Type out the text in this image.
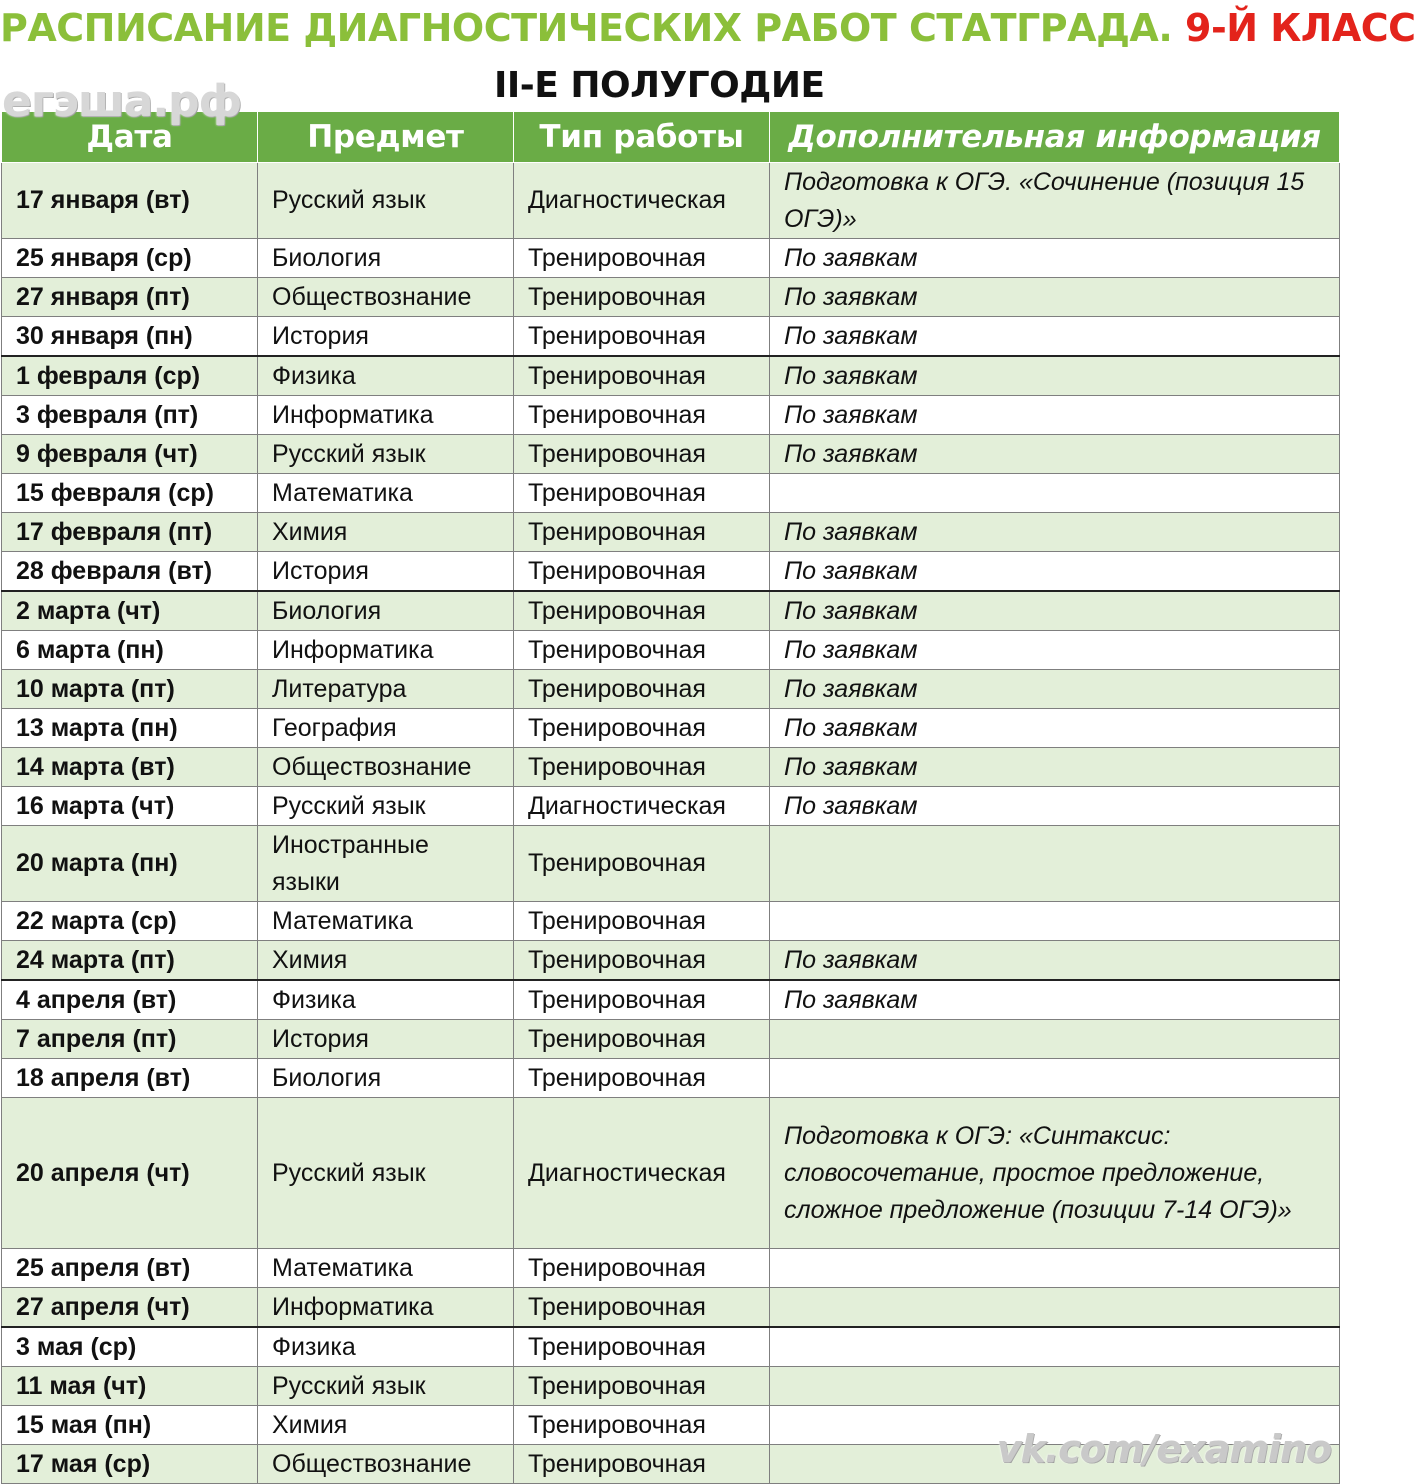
РАСПИСАНИЕ ДИАГНОСТИЧЕСКИХ РАБОТ СТАТГРАДА. 9-Й КЛАСС
II-Е ПОЛУГОДИЕ
егэша.рф
Дата	Предмет	Тип работы	Дополнительная информация
17 января (вт)	Русский язык	Диагностическая	Подготовка к ОГЭ. «Сочинение (позиция 15 ОГЭ)»
25 января (ср)	Биология	Тренировочная	По заявкам
27 января (пт)	Обществознание	Тренировочная	По заявкам
30 января (пн)	История	Тренировочная	По заявкам
1 февраля (ср)	Физика	Тренировочная	По заявкам
3 февраля (пт)	Информатика	Тренировочная	По заявкам
9 февраля (чт)	Русский язык	Тренировочная	По заявкам
15 февраля (ср)	Математика	Тренировочная	
17 февраля (пт)	Химия	Тренировочная	По заявкам
28 февраля (вт)	История	Тренировочная	По заявкам
2 марта (чт)	Биология	Тренировочная	По заявкам
6 марта (пн)	Информатика	Тренировочная	По заявкам
10 марта (пт)	Литература	Тренировочная	По заявкам
13 марта (пн)	География	Тренировочная	По заявкам
14 марта (вт)	Обществознание	Тренировочная	По заявкам
16 марта (чт)	Русский язык	Диагностическая	По заявкам
20 марта (пн)	Иностранные языки	Тренировочная	
22 марта (ср)	Математика	Тренировочная	
24 марта (пт)	Химия	Тренировочная	По заявкам
4 апреля (вт)	Физика	Тренировочная	По заявкам
7 апреля (пт)	История	Тренировочная	
18 апреля (вт)	Биология	Тренировочная	
20 апреля (чт)	Русский язык	Диагностическая	Подготовка к ОГЭ: «Синтаксис: словосочетание, простое предложение, сложное предложение (позиции 7-14 ОГЭ)»
25 апреля (вт)	Математика	Тренировочная	
27 апреля (чт)	Информатика	Тренировочная	
3 мая (ср)	Физика	Тренировочная	
11 мая (чт)	Русский язык	Тренировочная	
15 мая (пн)	Химия	Тренировочная	
17 мая (ср)	Обществознание	Тренировочная		vk.com/examino
